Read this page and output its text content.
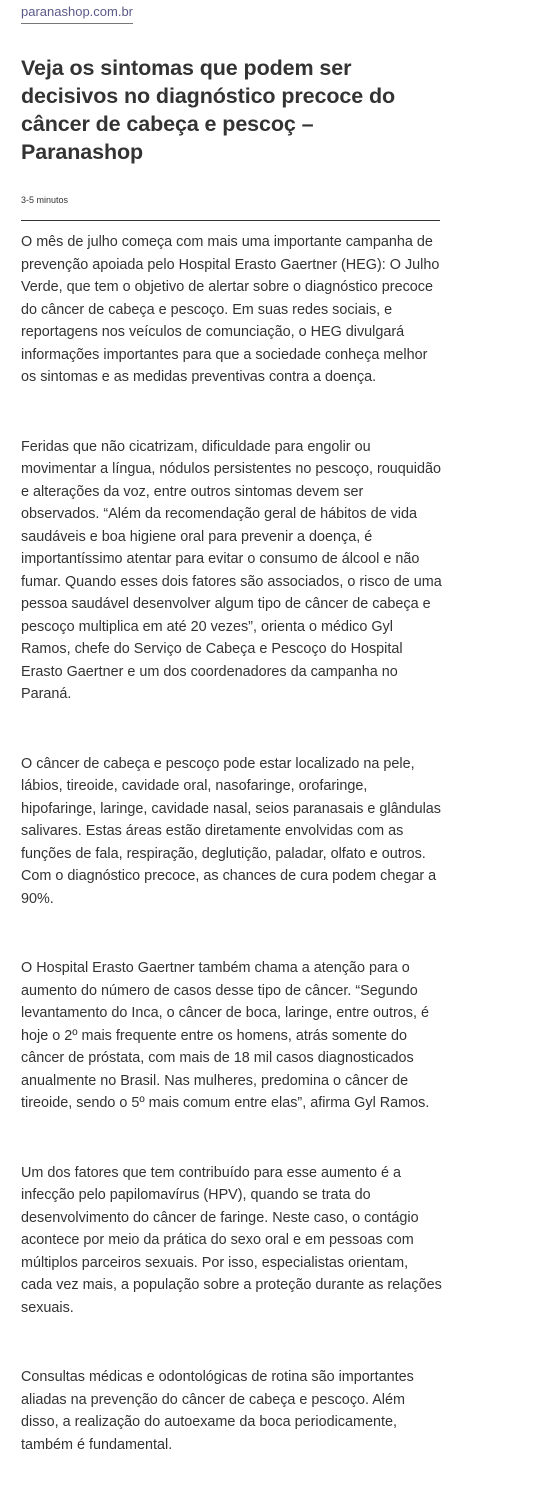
paranashop.com.br
Veja os sintomas que podem ser decisivos no diagnóstico precoce do câncer de cabeça e pescoç – Paranashop
3-5 minutos

O mês de julho começa com mais uma importante campanha de prevenção apoiada pelo Hospital Erasto Gaertner (HEG): O Julho Verde, que tem o objetivo de alertar sobre o diagnóstico precoce do câncer de cabeça e pescoço. Em suas redes sociais, e reportagens nos veículos de comunciação, o HEG divulgará informações importantes para que a sociedade conheça melhor os sintomas e as medidas preventivas contra a doença.

Feridas que não cicatrizam, dificuldade para engolir ou movimentar a língua, nódulos persistentes no pescoço, rouquidão e alterações da voz, entre outros sintomas devem ser observados. “Além da recomendação geral de hábitos de vida saudáveis e boa higiene oral para prevenir a doença, é importantíssimo atentar para evitar o consumo de álcool e não fumar. Quando esses dois fatores são associados, o risco de uma pessoa saudável desenvolver algum tipo de câncer de cabeça e pescoço multiplica em até 20 vezes”, orienta o médico Gyl Ramos, chefe do Serviço de Cabeça e Pescoço do Hospital Erasto Gaertner e um dos coordenadores da campanha no Paraná.

O câncer de cabeça e pescoço pode estar localizado na pele, lábios, tireoide, cavidade oral, nasofaringe, orofaringe, hipofaringe, laringe, cavidade nasal, seios paranasais e glândulas salivares. Estas áreas estão diretamente envolvidas com as funções de fala, respiração, deglutição, paladar, olfato e outros. Com o diagnóstico precoce, as chances de cura podem chegar a 90%.

O Hospital Erasto Gaertner também chama a atenção para o aumento do número de casos desse tipo de câncer. “Segundo levantamento do Inca, o câncer de boca, laringe, entre outros, é hoje o 2º mais frequente entre os homens, atrás somente do câncer de próstata, com mais de 18 mil casos diagnosticados anualmente no Brasil. Nas mulheres, predomina o câncer de tireoide, sendo o 5º mais comum entre elas”, afirma Gyl Ramos.

Um dos fatores que tem contribuído para esse aumento é a infecção pelo papilomavírus (HPV), quando se trata do desenvolvimento do câncer de faringe. Neste caso, o contágio acontece por meio da prática do sexo oral e em pessoas com múltiplos parceiros sexuais. Por isso, especialistas orientam, cada vez mais, a população sobre a proteção durante as relações sexuais.

Consultas médicas e odontológicas de rotina são importantes aliadas na prevenção do câncer de cabeça e pescoço. Além disso, a realização do autoexame da boca periodicamente, também é fundamental.
